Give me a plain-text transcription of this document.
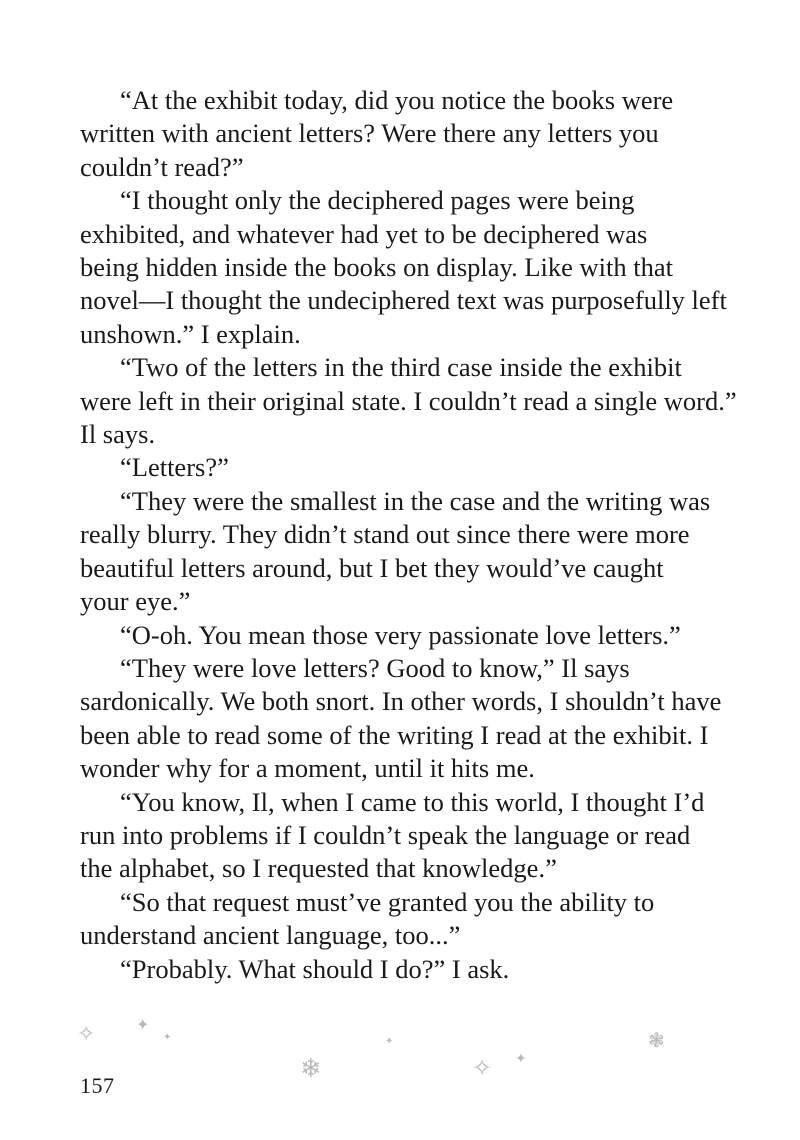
“At the exhibit today, did you notice the books were
written with ancient letters? Were there any letters you
couldn’t read?”
“I thought only the deciphered pages were being
exhibited, and whatever had yet to be deciphered was
being hidden inside the books on display. Like with that
novel—I thought the undeciphered text was purposefully left
unshown.” I explain.
“Two of the letters in the third case inside the exhibit
were left in their original state. I couldn’t read a single word.”
Il says.
“Letters?”
“They were the smallest in the case and the writing was
really blurry. They didn’t stand out since there were more
beautiful letters around, but I bet they would’ve caught
your eye.”
“O-oh. You mean those very passionate love letters.”
“They were love letters? Good to know,” Il says
sardonically. We both snort. In other words, I shouldn’t have
been able to read some of the writing I read at the exhibit. I
wonder why for a moment, until it hits me.
“You know, Il, when I came to this world, I thought I’d
run into problems if I couldn’t speak the language or read
the alphabet, so I requested that knowledge.”
“So that request must’ve granted you the ability to
understand ancient language, too...”
“Probably. What should I do?” I ask.
✧	✦
✦
❄
✦
✧ ✦
❃
157
